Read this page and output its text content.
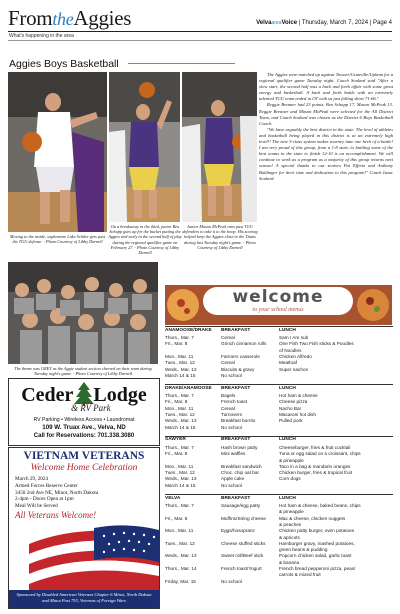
FromtheAggies
What's happening in the area
VelvaareaVoice | Thursday, March 7, 2024 | Page 4
Aggies Boys Basketball
Moving to the inside, sophomore Luke Schiler gets past the TGU defense. - Photo Courtesy of Libby Darnell
On a breakaway in the third, junior Ben Schapp goes up for the bucket putting the Aggies tied early in the second half of play during the regional qualifier game on February 27. - Photo Courtesy of Libby Darnell
Junior Mason McPeak runs past TGU defenders to take it to the hoop. His scoring helped keep the Aggies close to the Titans during last Tuesday night's game. - Photo Courtesy of Libby Darnell

The Aggies were matched up against Towner/Granville/Upham for a regional qualifier game Tuesday night. Coach Soulard said "After a slow start, the second half was a back and forth affair with some great energy and basketball. A back and forth battle with an extremely talented TGU team ended in OT with us just falling short 71-66."

Reggie Brenner had 23 points, Ben Schapp 17, Mason McPeak 13. Reggie Brenner and Mason McPeak were selected for the All District Team, and Coach Soulard was chosen as the District 6 Boys Basketball Coach.

"We have arguably the best district in the state. The level of athletes and basketball being played in this district is at an extremely high level!! The new 3-class system makes tourney time one heck of a battle! I am very proud of this group, from a 1-8 start, to battling some of the best teams in the state to finish 12-10 is an accomplishment. We will continue to work as a program as a majority of this group returns next season! A special thanks to our seniors Pat Effertz and Anthony Baldinger for their time and dedication to this program!" Coach Isaac Soulard.

The theme was GREY as the Aggie student section cheered on their team during Tuesday night's game. - Photo Courtesy of Libby Darnell
Ceder Lodge
& RV Park
RV Parking • Wireless Access • Laundromat
109 W. Truax Ave., Velva, ND
Call for Reservations: 701.338.3080
VIETNAM VETERANS
Welcome Home Celebration
March 29, 2024
Armed Forces Reserve Center
3450 2nd Ave NE, Minot, North Dakota
2-4pm - Doors Open at 1pm
Meal Will be Served
All Veterans Welcome!
Sponsored by Disabled American Veterans Chapter 6 Minot, North Dakota and Minot Post 753, Veterans of Foreign Wars
welcome
to your school menus
ANAMOOSE/DRAKE	BREAKFAST	LUNCH
Thurs., Mar. 7	Cereal	Sam I Am sub
Fri., Mar. 8	Grinch cinnamon rolls	One Fish Two Fish sticks & Poodles
of Noodles
Mon., Mar. 11	Farmers casserole	Chicken Alfredo
Tues., Mar. 12	Cereal	Meatloaf
Weds., Mar. 13	Biscuits & gravy	Super nachos
March 14 & 15	No school
DRAKE/ANAMOOSE	BREAKFAST	LUNCH
Thurs., Mar. 7	Bagels	Hot ham & cheese
Fri., Mar. 8	French toast	Cheese pizza
Mon., Mar. 11	Cereal	Nacho Bar
Tues., Mar. 12	Turnovers	Macaroni hot dish
Weds., Mar. 13	Breakfast burrito	Pulled pork
March 14 & 15	No school
SAWYER	BREAKFAST	LUNCH
Thurs., Mar. 7	Hash brown patty	Cheeseburger, fries & fruit cocktail
Fri., Mar. 8	Mini waffles	Tuna or egg salad on a croissant, chips
& pineapple
Mon., Mar. 11	Breakfast sandwich	Taco in a bag & mandarin oranges
Tues., Mar. 12	Choc. chip oat bar	Chicken burger, fries & tropical fruit
Weds., Mar. 13	Apple cake	Corn dogs
March 14 & 15	No school
VELVA	BREAKFAST	LUNCH
Thurs., Mar. 7	Sausage/egg patty	Hot ham & cheese, baked beans, chips
& pineapple
Fri., Mar. 8	Muffins/String cheese	Mac & cheese, chicken nuggets
& peaches
Mon., Mar. 11	Eggs/hosopranz	Chicken patty burger, oven potatoes
& apricots
Tues., Mar. 12	Cheese stuffed sticks	Hamburger gravy, mashed potatoes,
green beans & pudding
Weds., Mar. 13	Sweet roll/Beef stick	Popcorn chicken salad, garlic toast
& banana
Thurs., Mar. 14	French toast/Yogurt	French bread pepperoni pizza, peas/
carrots & mixed fruit
Friday, Mar. 15	No school
